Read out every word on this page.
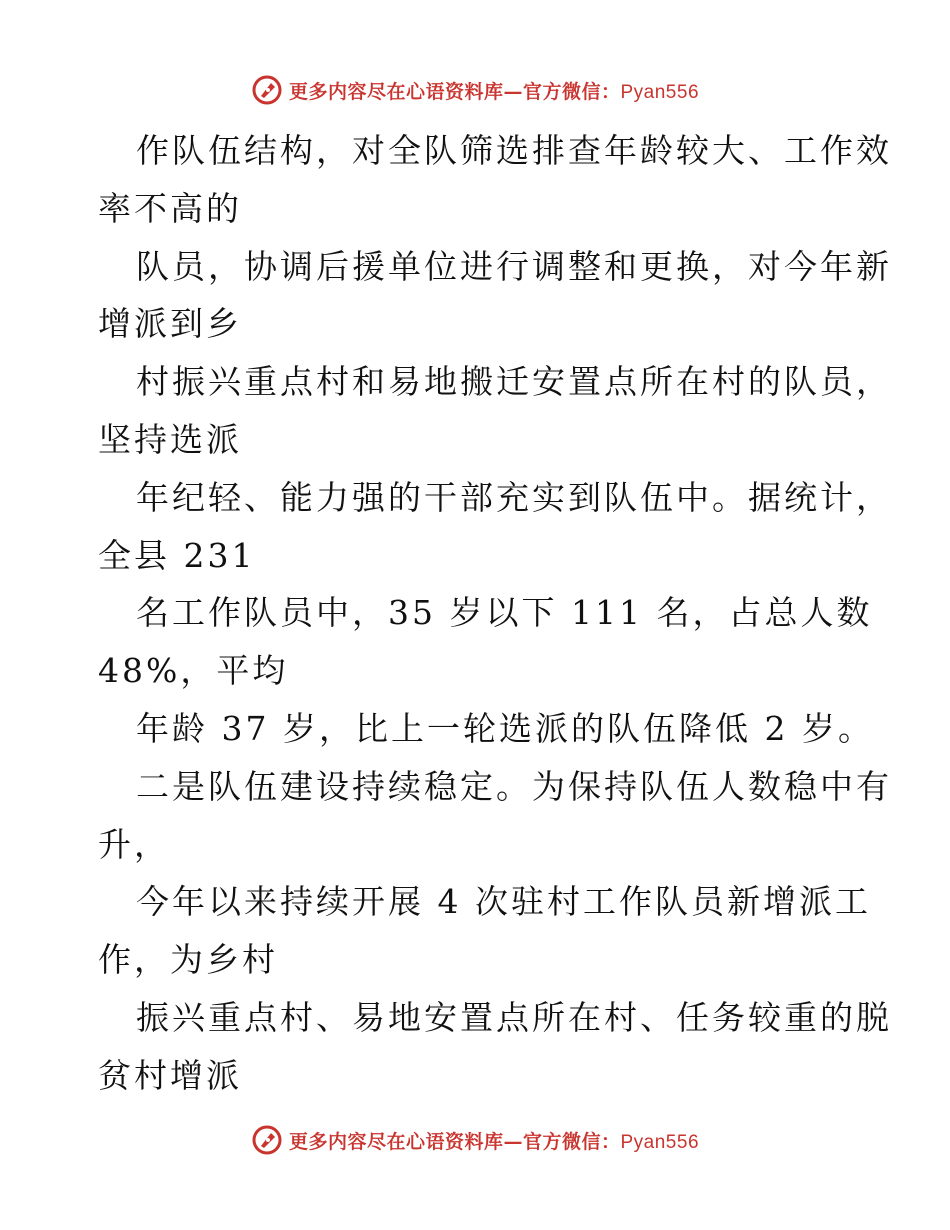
更多内容尽在心语资料库—官方微信：Pyan556
作队伍结构，对全队筛选排查年龄较大、工作效
率不高的
队员，协调后援单位进行调整和更换，对今年新
增派到乡
村振兴重点村和易地搬迁安置点所在村的队员，
坚持选派
年纪轻、能力强的干部充实到队伍中。据统计，
全县 231
名工作队员中，35 岁以下 111 名，占总人数
48%，平均
年龄 37 岁，比上一轮选派的队伍降低 2 岁。
二是队伍建设持续稳定。为保持队伍人数稳中有
升，
今年以来持续开展 4 次驻村工作队员新增派工
作，为乡村
振兴重点村、易地安置点所在村、任务较重的脱
贫村增派
更多内容尽在心语资料库—官方微信：Pyan556
